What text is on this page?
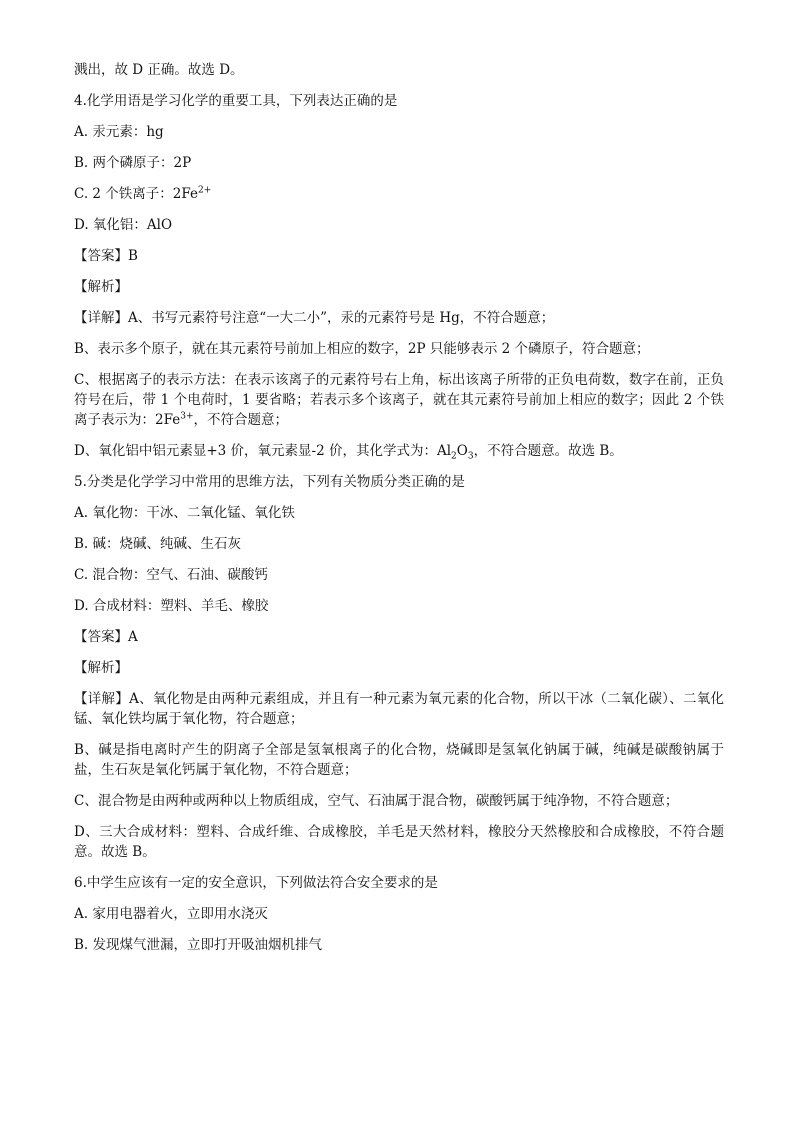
溅出，故 D 正确。故选 D。

4.化学用语是学习化学的重要工具，下列表达正确的是

A. 汞元素：hg

B. 两个磷原子：2P

C. 2 个铁离子：$2Fe^{2+}$

D. 氧化铝：AlO

【答案】B

【解析】

【详解】A、书写元素符号注意“一大二小”，汞的元素符号是 Hg，不符合题意；

B、表示多个原子，就在其元素符号前加上相应的数字，2P 只能够表示 2 个磷原子，符合题意；

C、根据离子的表示方法：在表示该离子的元素符号右上角，标出该离子所带的正负电荷数，数字在前，正负符号在后，带 1 个电荷时，1 要省略；若表示多个该离子，就在其元素符号前加上相应的数字；因此 2 个铁离子表示为：$2Fe^{3+}$，不符合题意；

D、氧化铝中铝元素显+3 价，氧元素显-2 价，其化学式为：$Al_2O_3$，不符合题意。故选 B。

5.分类是化学学习中常用的思维方法，下列有关物质分类正确的是

A. 氧化物：干冰、二氧化锰、氧化铁

B. 碱：烧碱、纯碱、生石灰

C. 混合物：空气、石油、碳酸钙

D. 合成材料：塑料、羊毛、橡胶

【答案】A

【解析】

【详解】A、氧化物是由两种元素组成，并且有一种元素为氧元素的化合物，所以干冰（二氧化碳）、二氧化锰、氧化铁均属于氧化物，符合题意；

B、碱是指电离时产生的阴离子全部是氢氧根离子的化合物，烧碱即是氢氧化钠属于碱，纯碱是碳酸钠属于盐，生石灰是氧化钙属于氧化物，不符合题意；

C、混合物是由两种或两种以上物质组成，空气、石油属于混合物，碳酸钙属于纯净物，不符合题意；

D、三大合成材料：塑料、合成纤维、合成橡胶，羊毛是天然材料，橡胶分天然橡胶和合成橡胶，不符合题意。故选 B。

6.中学生应该有一定的安全意识，下列做法符合安全要求的是

A. 家用电器着火，立即用水浇灭

B. 发现煤气泄漏，立即打开吸油烟机排气
